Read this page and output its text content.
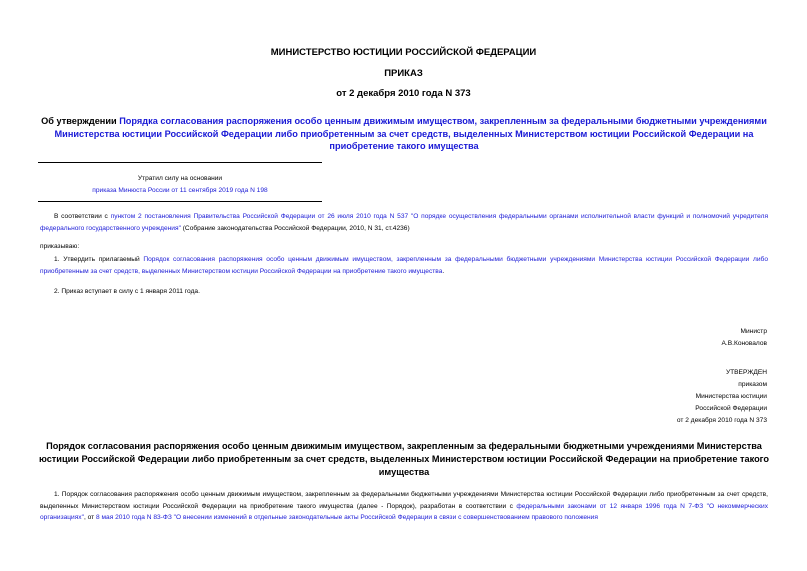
МИНИСТЕРСТВО ЮСТИЦИИ РОССИЙСКОЙ ФЕДЕРАЦИИ
ПРИКАЗ
от 2 декабря 2010 года N 373
Об утверждении Порядка согласования распоряжения особо ценным движимым имуществом, закрепленным за федеральными бюджетными учреждениями Министерства юстиции Российской Федерации либо приобретенным за счет средств, выделенных Министерством юстиции Российской Федерации на приобретение такого имущества
Утратил силу на основании
приказа Минюста России от 11 сентября 2019 года N 198
В соответствии с пунктом 2 постановления Правительства Российской Федерации от 26 июля 2010 года N 537 "О порядке осуществления федеральными органами исполнительной власти функций и полномочий учредителя федерального государственного учреждения" (Собрание законодательства Российской Федерации, 2010, N 31, ст.4236)
приказываю:
1. Утвердить прилагаемый Порядок согласования распоряжения особо ценным движимым имуществом, закрепленным за федеральными бюджетными учреждениями Министерства юстиции Российской Федерации либо приобретенным за счет средств, выделенных Министерством юстиции Российской Федерации на приобретение такого имущества.
2. Приказ вступает в силу с 1 января 2011 года.
Министр
А.В.Коновалов
УТВЕРЖДЕН
приказом
Министерства юстиции
Российской Федерации
от 2 декабря 2010 года N 373
Порядок согласования распоряжения особо ценным движимым имуществом, закрепленным за федеральными бюджетными учреждениями Министерства юстиции Российской Федерации либо приобретенным за счет средств, выделенных Министерством юстиции Российской Федерации на приобретение такого имущества
1. Порядок согласования распоряжения особо ценным движимым имуществом, закрепленным за федеральными бюджетными учреждениями Министерства юстиции Российской Федерации либо приобретенным за счет средств, выделенных Министерством юстиции Российской Федерации на приобретение такого имущества (далее - Порядок), разработан в соответствии с федеральными законами от 12 января 1996 года N 7-ФЗ "О некоммерческих организациях", от 8 мая 2010 года N 83-ФЗ "О внесении изменений в отдельные законодательные акты Российской Федерации в связи с совершенствованием правового положения
